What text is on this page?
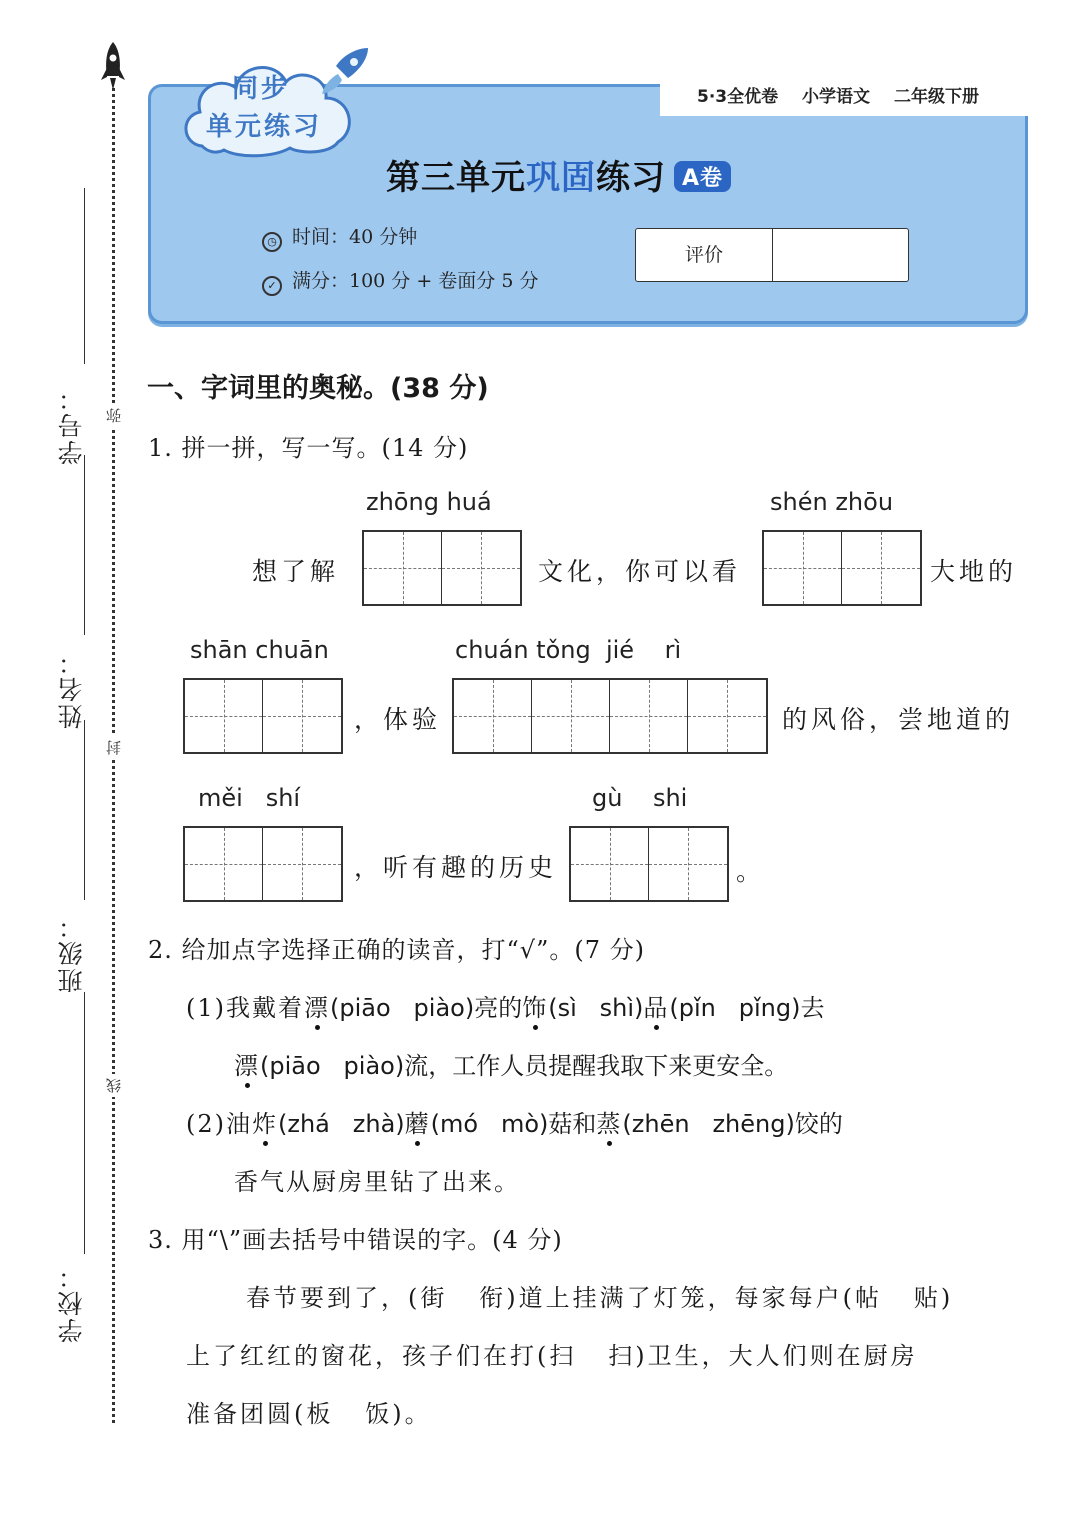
学号：
姓名：
班级：
学校：
弥
封
线
5·3全优卷 小学语文 二年级下册
同步
单元练习
第三单元巩固练习 A卷
◷ 时间：40 分钟
✓ 满分：100 分 + 卷面分 5 分
评价
一、字词里的奥秘。(38 分)
1. 拼一拼，写一写。(14 分)
zhōng huá	shén zhōu
想了解	文化，你可以看	大地的
shān chuān	chuán tǒng  jié    rì
，体验	的风俗，尝地道的
měi   shí	gù    shi
，听有趣的历史	。
2. 给加点字选择正确的读音，打“√”。(7 分)
(1)我戴着漂(piāo   piào)亮的饰(sì   shì)品(pǐn   pǐng)去
漂(piāo   piào)流，工作人员提醒我取下来更安全。
(2)油炸(zhá   zhà)蘑(mó   mò)菇和蒸(zhēn   zhēng)饺的
香气从厨房里钻了出来。
3. 用“\”画去括号中错误的字。(4 分)
春节要到了，(街   衔)道上挂满了灯笼，每家每户(帖   贴)
上了红红的窗花，孩子们在打(扫   扫)卫生，大人们则在厨房
准备团圆(板   饭)。
